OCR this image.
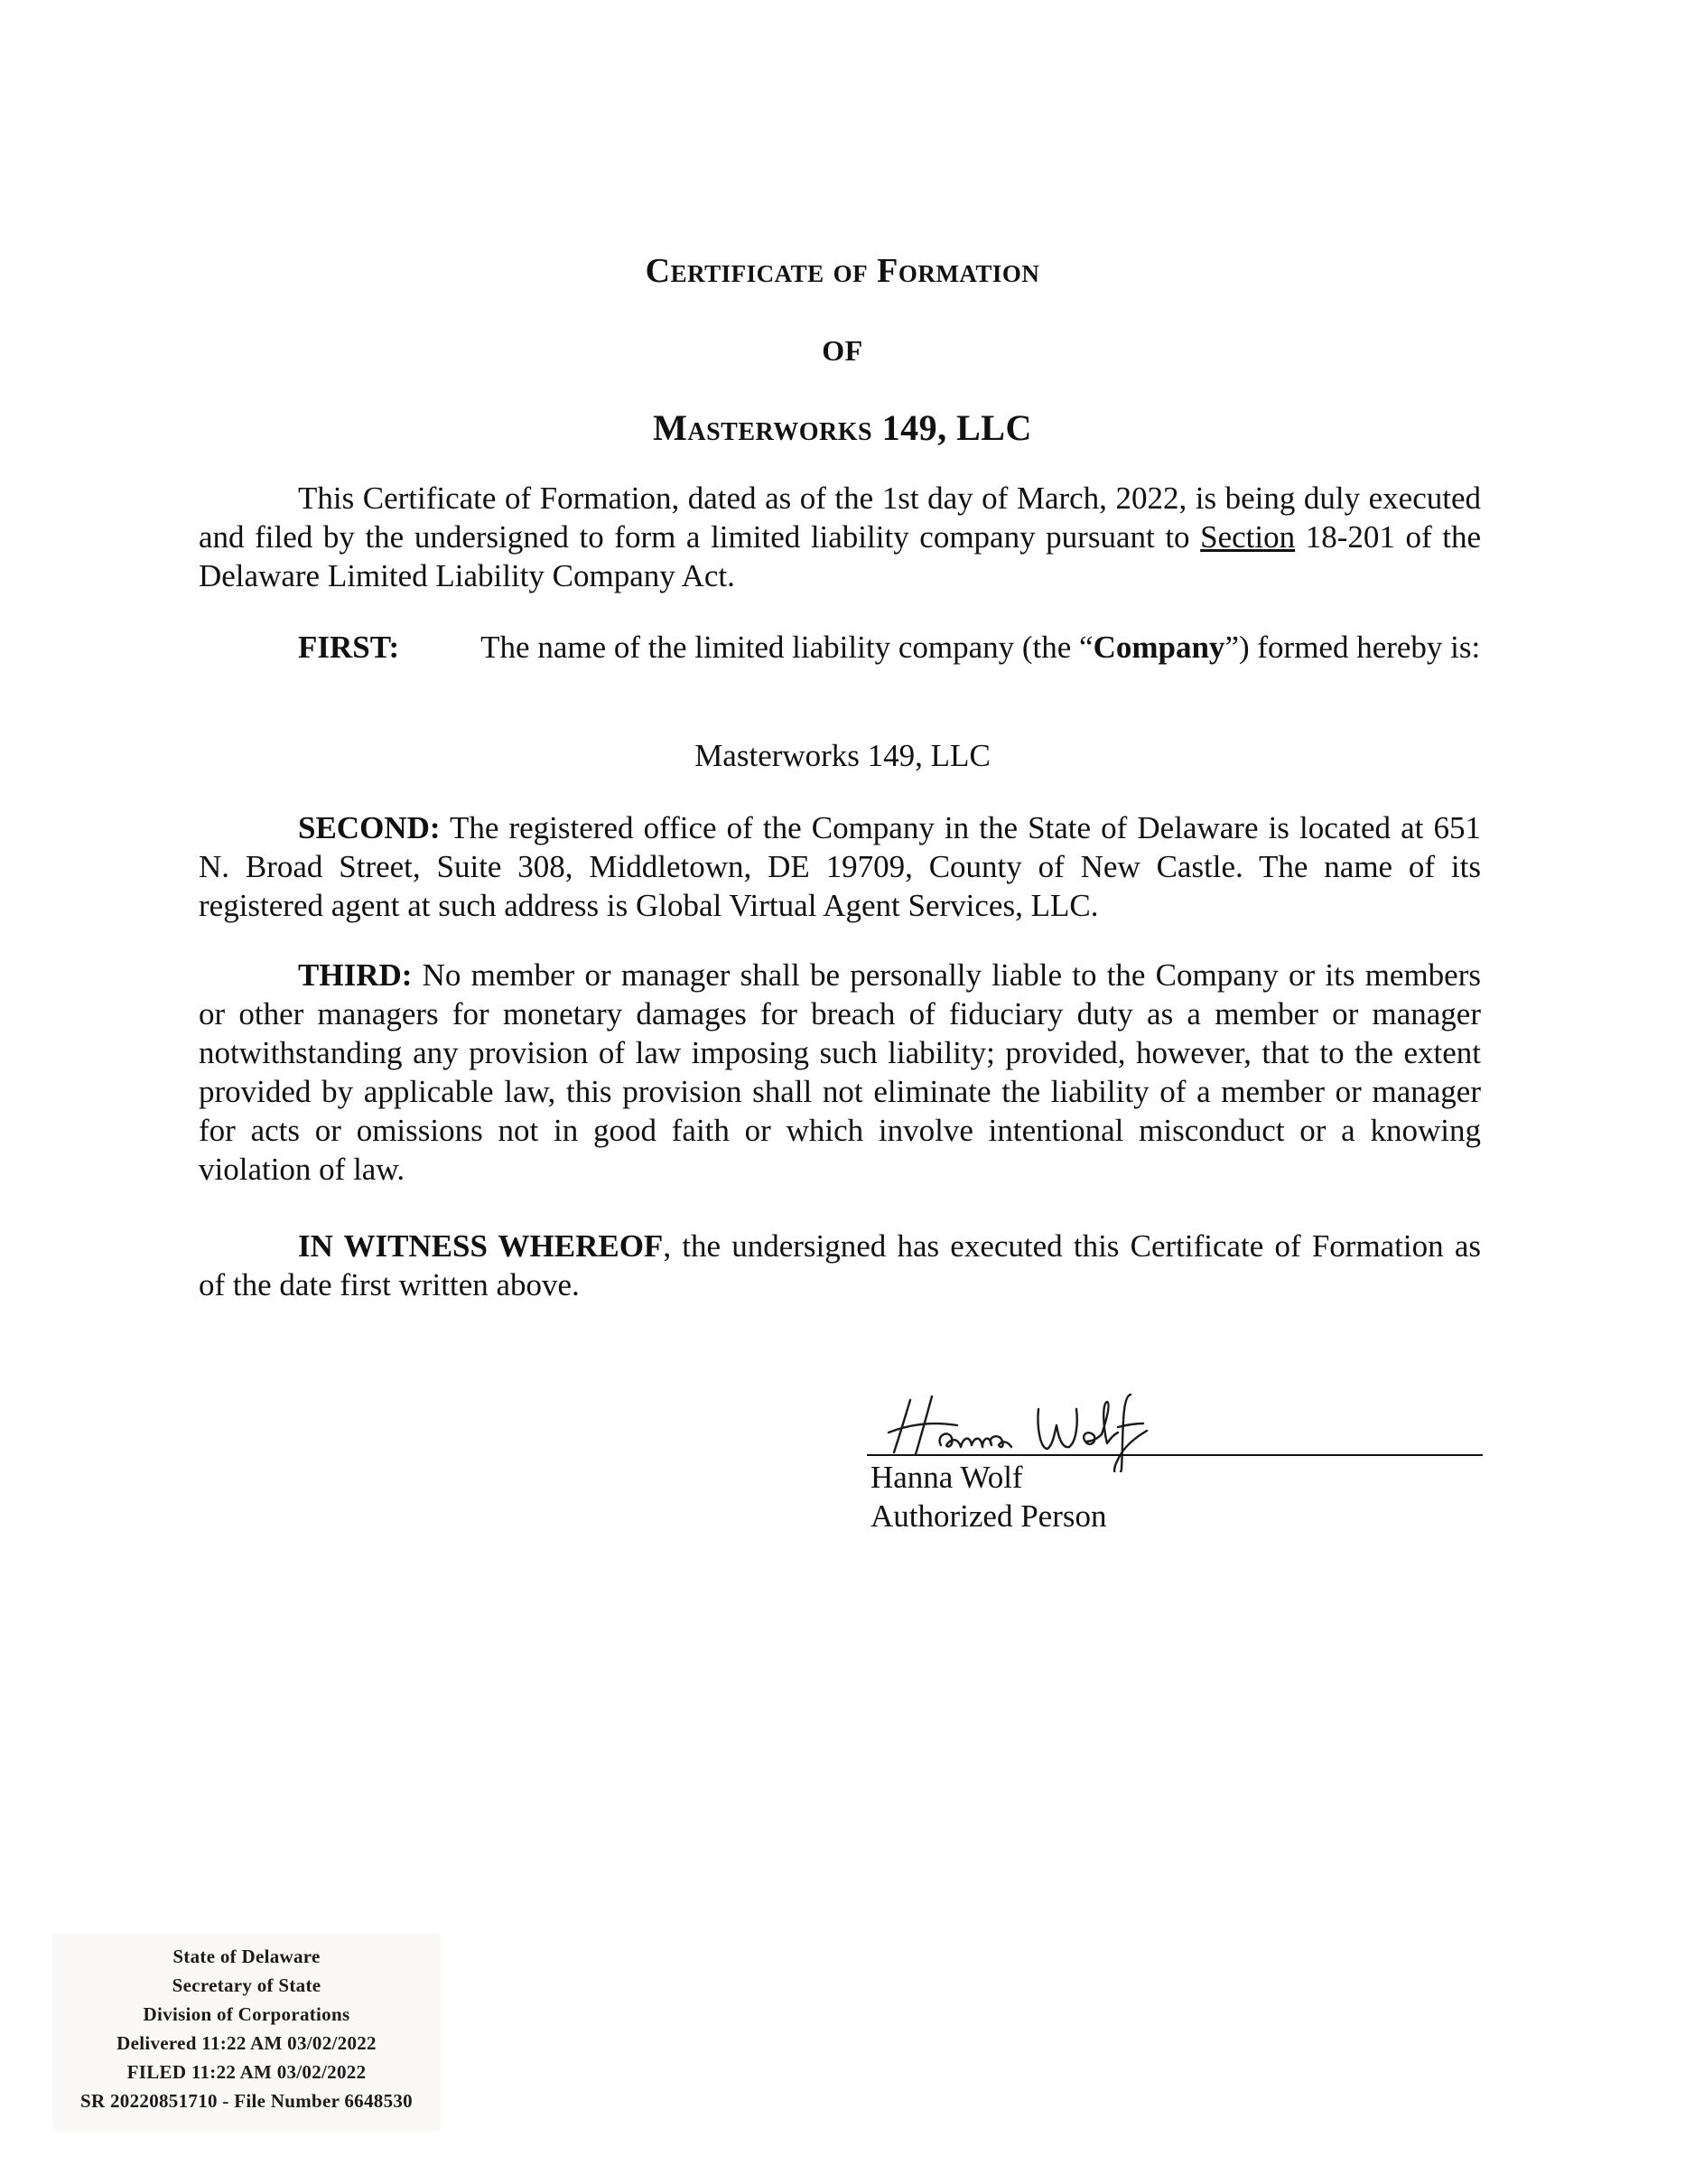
Certificate of Formation
OF
Masterworks 149, LLC
This Certificate of Formation, dated as of the 1st day of March, 2022, is being duly executed and filed by the undersigned to form a limited liability company pursuant to Section 18-201 of the Delaware Limited Liability Company Act.
FIRST:	The name of the limited liability company (the “Company”) formed hereby is:
Masterworks 149, LLC
SECOND: The registered office of the Company in the State of Delaware is located at 651 N. Broad Street, Suite 308, Middletown, DE 19709, County of New Castle. The name of its registered agent at such address is Global Virtual Agent Services, LLC.
THIRD: No member or manager shall be personally liable to the Company or its members or other managers for monetary damages for breach of fiduciary duty as a member or manager notwithstanding any provision of law imposing such liability; provided, however, that to the extent provided by applicable law, this provision shall not eliminate the liability of a member or manager for acts or omissions not in good faith or which involve intentional misconduct or a knowing violation of law.
IN WITNESS WHEREOF, the undersigned has executed this Certificate of Formation as of the date first written above.
Hanna Wolf
Authorized Person
State of Delaware
Secretary of State
Division of Corporations
Delivered 11:22 AM 03/02/2022
FILED 11:22 AM 03/02/2022
SR 20220851710 - File Number 6648530
